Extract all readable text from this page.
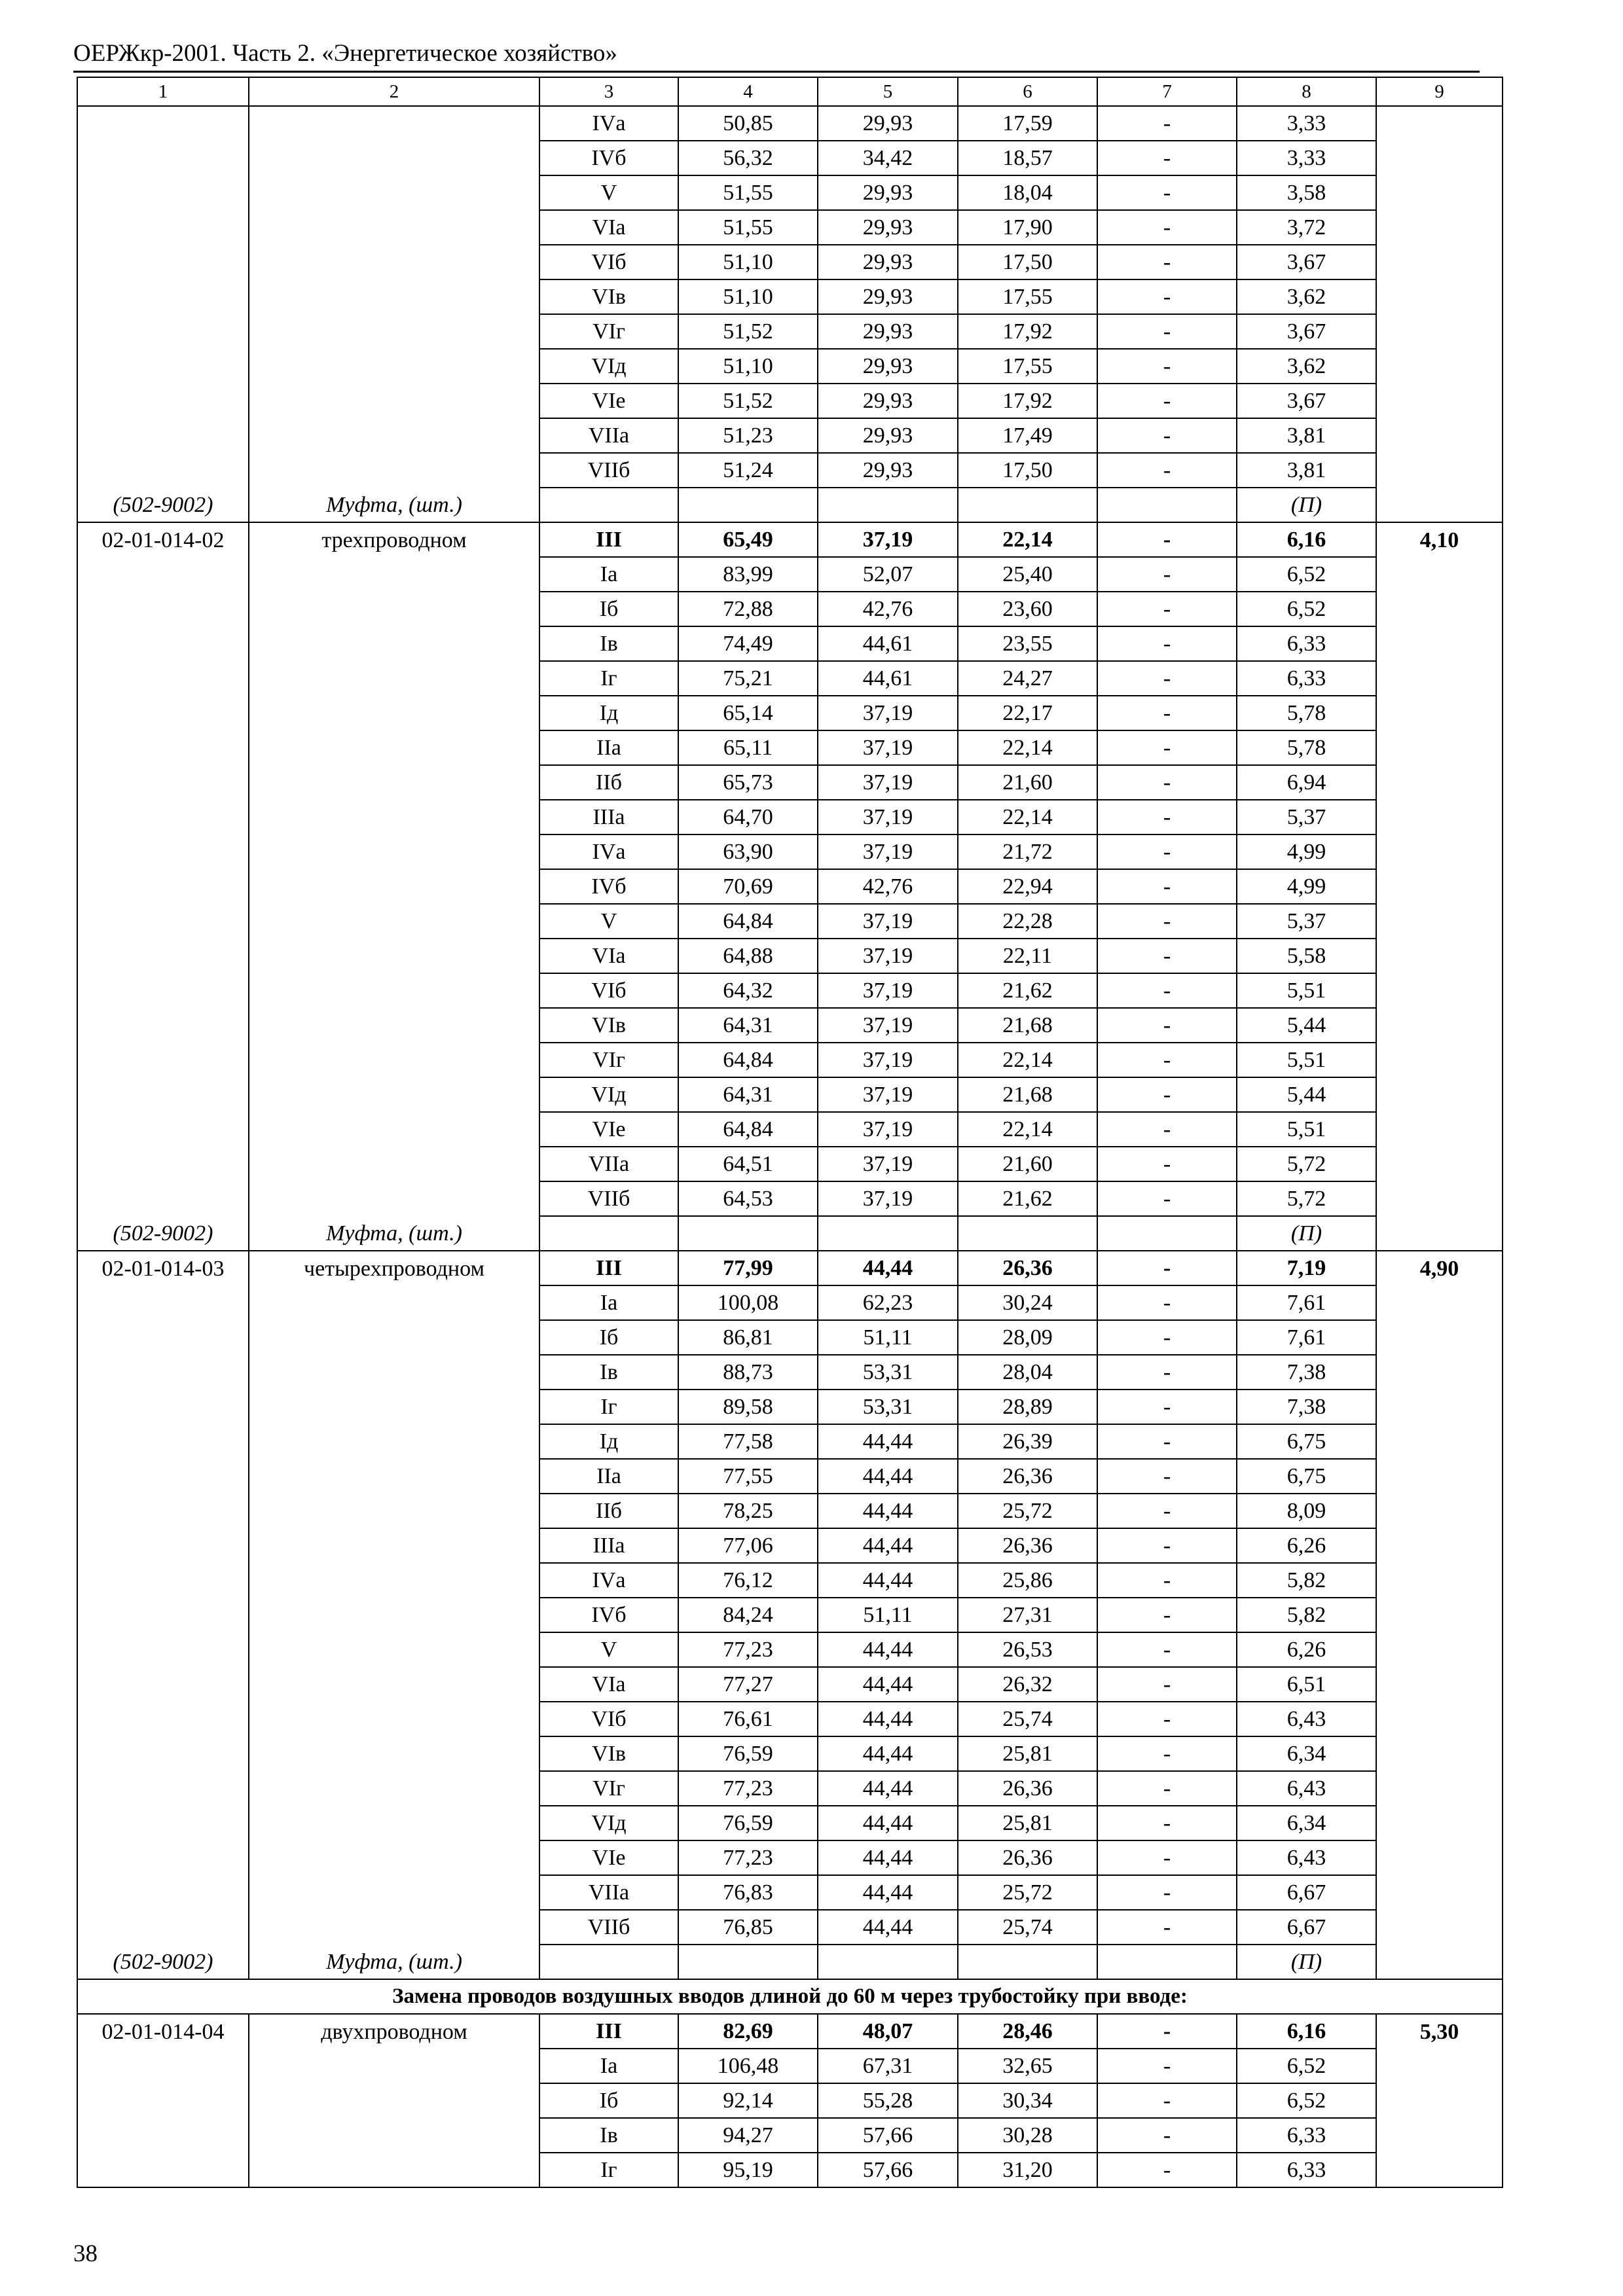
ОЕРЖкр-2001. Часть 2. «Энергетическое хозяйство»
1	2	3	4	5	6	7	8	9
		IVа	50,85	29,93	17,59	-	3,33	
		IVб	56,32	34,42	18,57	-	3,33	
		V	51,55	29,93	18,04	-	3,58	
		VIа	51,55	29,93	17,90	-	3,72	
		VIб	51,10	29,93	17,50	-	3,67	
		VIв	51,10	29,93	17,55	-	3,62	
		VIг	51,52	29,93	17,92	-	3,67	
		VIд	51,10	29,93	17,55	-	3,62	
		VIе	51,52	29,93	17,92	-	3,67	
		VIIа	51,23	29,93	17,49	-	3,81	
		VIIб	51,24	29,93	17,50	-	3,81	
(502-9002)	Муфта, (шт.)						(П)	
02-01-014-02	трехпроводном	III	65,49	37,19	22,14	-	6,16	4,10
		Iа	83,99	52,07	25,40	-	6,52	
		Iб	72,88	42,76	23,60	-	6,52	
		Iв	74,49	44,61	23,55	-	6,33	
		Iг	75,21	44,61	24,27	-	6,33	
		Iд	65,14	37,19	22,17	-	5,78	
		IIа	65,11	37,19	22,14	-	5,78	
		IIб	65,73	37,19	21,60	-	6,94	
		IIIа	64,70	37,19	22,14	-	5,37	
		IVа	63,90	37,19	21,72	-	4,99	
		IVб	70,69	42,76	22,94	-	4,99	
		V	64,84	37,19	22,28	-	5,37	
		VIа	64,88	37,19	22,11	-	5,58	
		VIб	64,32	37,19	21,62	-	5,51	
		VIв	64,31	37,19	21,68	-	5,44	
		VIг	64,84	37,19	22,14	-	5,51	
		VIд	64,31	37,19	21,68	-	5,44	
		VIе	64,84	37,19	22,14	-	5,51	
		VIIа	64,51	37,19	21,60	-	5,72	
		VIIб	64,53	37,19	21,62	-	5,72	
(502-9002)	Муфта, (шт.)						(П)	
02-01-014-03	четырехпроводном	III	77,99	44,44	26,36	-	7,19	4,90
		Iа	100,08	62,23	30,24	-	7,61	
		Iб	86,81	51,11	28,09	-	7,61	
		Iв	88,73	53,31	28,04	-	7,38	
		Iг	89,58	53,31	28,89	-	7,38	
		Iд	77,58	44,44	26,39	-	6,75	
		IIа	77,55	44,44	26,36	-	6,75	
		IIб	78,25	44,44	25,72	-	8,09	
		IIIа	77,06	44,44	26,36	-	6,26	
		IVа	76,12	44,44	25,86	-	5,82	
		IVб	84,24	51,11	27,31	-	5,82	
		V	77,23	44,44	26,53	-	6,26	
		VIа	77,27	44,44	26,32	-	6,51	
		VIб	76,61	44,44	25,74	-	6,43	
		VIв	76,59	44,44	25,81	-	6,34	
		VIг	77,23	44,44	26,36	-	6,43	
		VIд	76,59	44,44	25,81	-	6,34	
		VIе	77,23	44,44	26,36	-	6,43	
		VIIа	76,83	44,44	25,72	-	6,67	
		VIIб	76,85	44,44	25,74	-	6,67	
(502-9002)	Муфта, (шт.)						(П)	
Замена проводов воздушных вводов длиной до 60 м через трубостойку при вводе:								
02-01-014-04	двухпроводном	III	82,69	48,07	28,46	-	6,16	5,30
		Iа	106,48	67,31	32,65	-	6,52	
		Iб	92,14	55,28	30,34	-	6,52	
		Iв	94,27	57,66	30,28	-	6,33	
		Iг	95,19	57,66	31,20	-	6,33	
38
